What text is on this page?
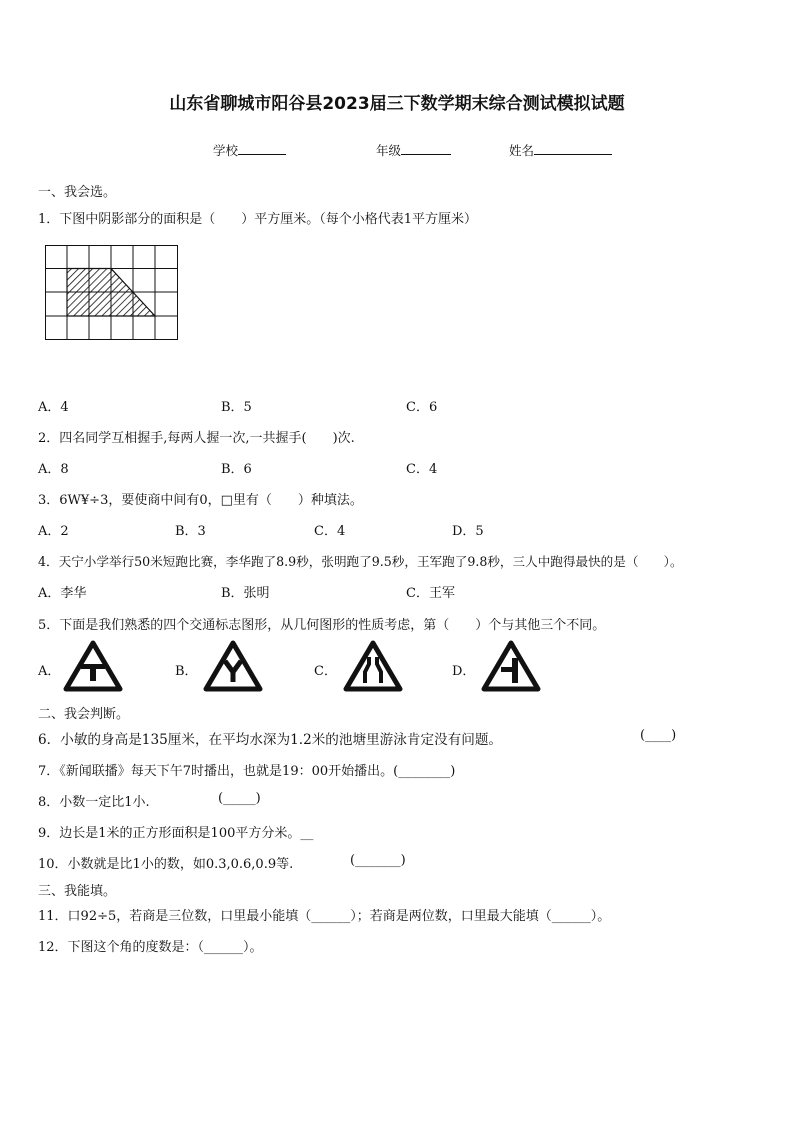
山东省聊城市阳谷县2023届三下数学期末综合测试模拟试题
学校	年级	姓名
一、我会选。
1．下图中阴影部分的面积是（　　）平方厘米。（每个小格代表1平方厘米）
A．4	B．5	C．6
2．四名同学互相握手,每两人握一次,一共握手(　　)次.
A．8	B．6	C．4
3．6W¥÷3，要使商中间有0，□里有（　　）种填法。
A．2	B．3	C．4	D．5
4．天宁小学举行50米短跑比赛，李华跑了8.9秒，张明跑了9.5秒，王军跑了9.8秒，三人中跑得最快的是（　　）。
A．李华	B．张明	C．王军
5．下面是我们熟悉的四个交通标志图形，从几何图形的性质考虑，第（　　）个与其他三个不同。
A．	B．	C．	D．
二、我会判断。
6．小敏的身高是135厘米，在平均水深为1.2米的池塘里游泳肯定没有问题。	(____)
7．《新闻联播》每天下午7时播出，也就是19：00开始播出。(________)
8．小数一定比1小.	(_____)
9．边长是1米的正方形面积是100平方分米。__
10．小数就是比1小的数，如0.3,0.6,0.9等.	(_______)
三、我能填。
11．口92÷5，若商是三位数，口里最小能填（______）；若商是两位数，口里最大能填（______）。
12．下图这个角的度数是：（______）。
